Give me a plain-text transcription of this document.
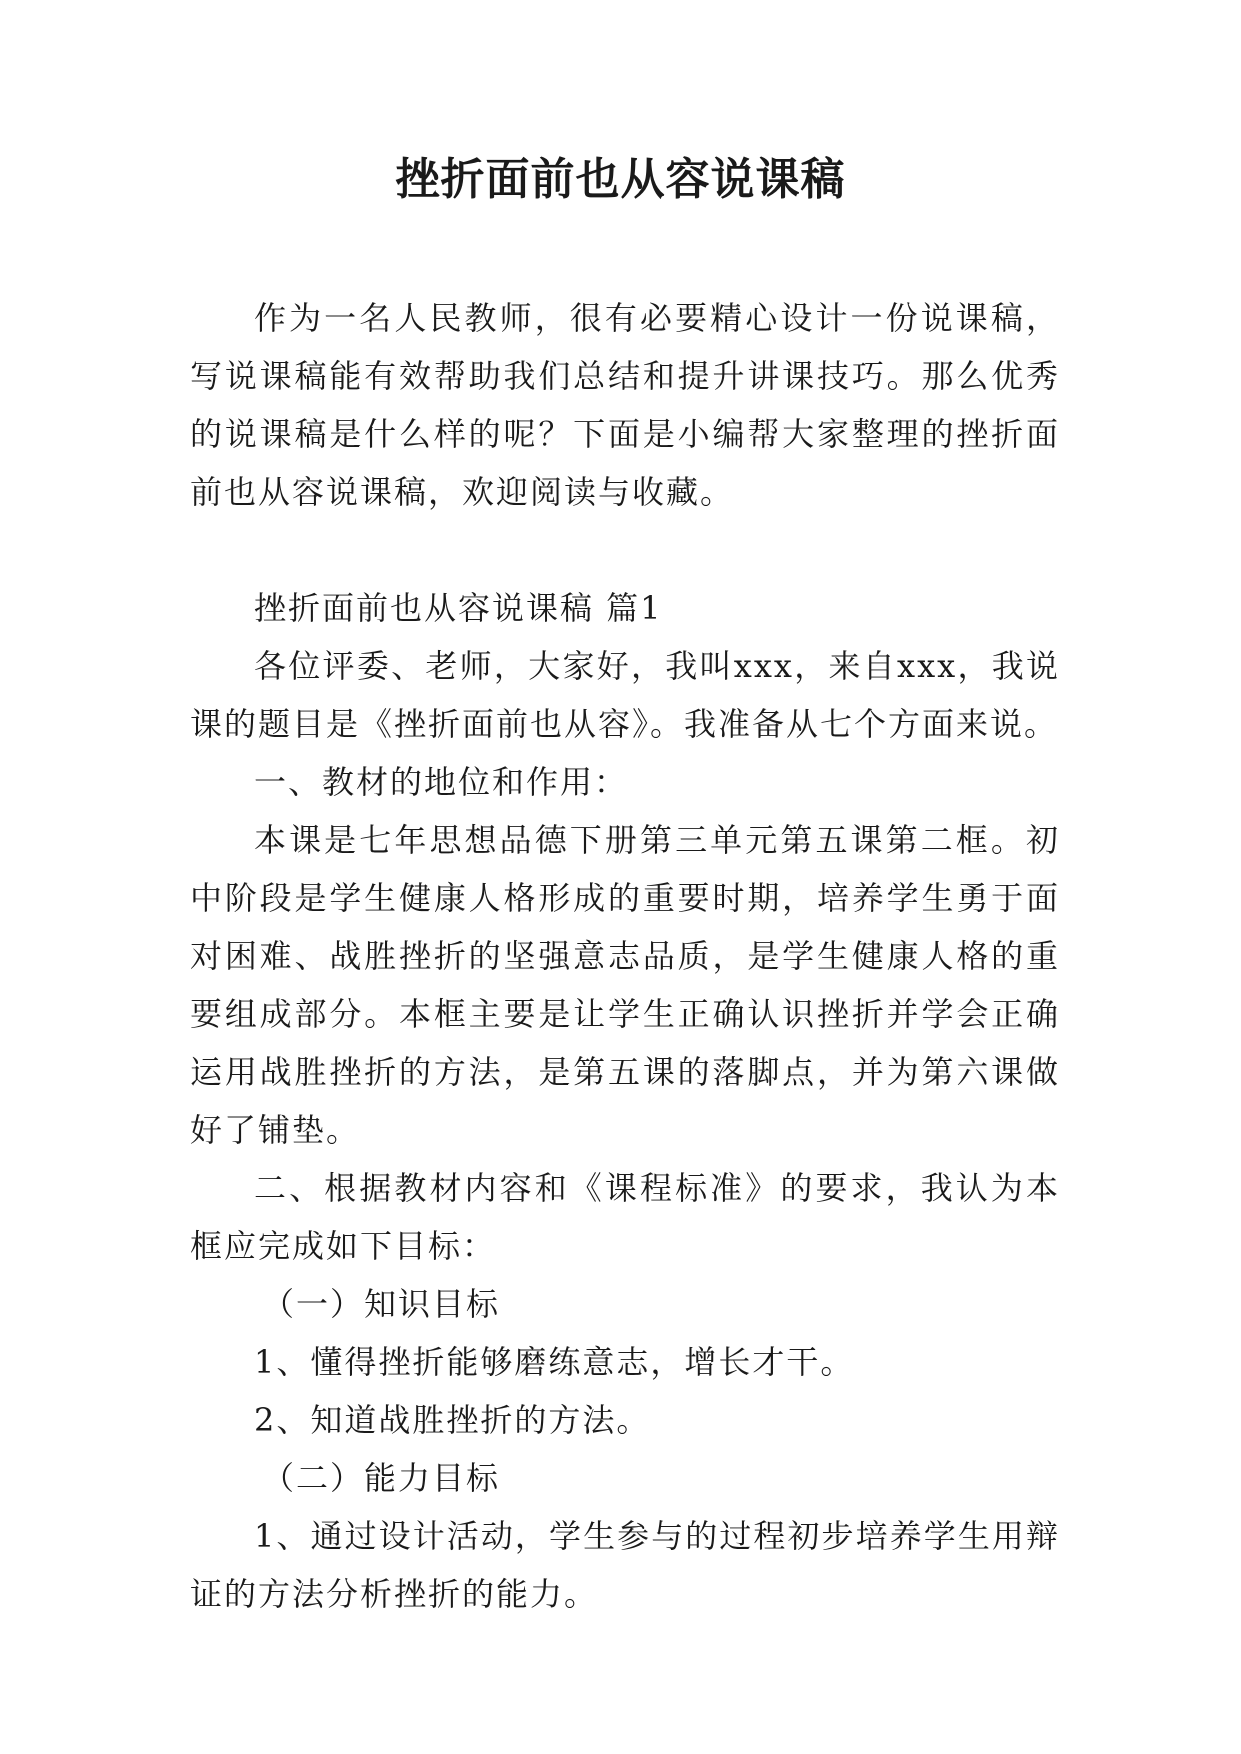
挫折面前也从容说课稿

作为一名人民教师，很有必要精心设计一份说课稿，写说课稿能有效帮助我们总结和提升讲课技巧。那么优秀的说课稿是什么样的呢？下面是小编帮大家整理的挫折面前也从容说课稿，欢迎阅读与收藏。

挫折面前也从容说课稿 篇1

各位评委、老师，大家好，我叫xxx，来自xxx，我说课的题目是《挫折面前也从容》。我准备从七个方面来说。

一、教材的地位和作用：

本课是七年思想品德下册第三单元第五课第二框。初中阶段是学生健康人格形成的重要时期，培养学生勇于面对困难、战胜挫折的坚强意志品质，是学生健康人格的重要组成部分。本框主要是让学生正确认识挫折并学会正确运用战胜挫折的方法，是第五课的落脚点，并为第六课做好了铺垫。

二、根据教材内容和《课程标准》的要求，我认为本框应完成如下目标：

（一）知识目标

1、懂得挫折能够磨练意志，增长才干。

2、知道战胜挫折的方法。

（二）能力目标

1、通过设计活动，学生参与的过程初步培养学生用辩证的方法分析挫折的能力。
